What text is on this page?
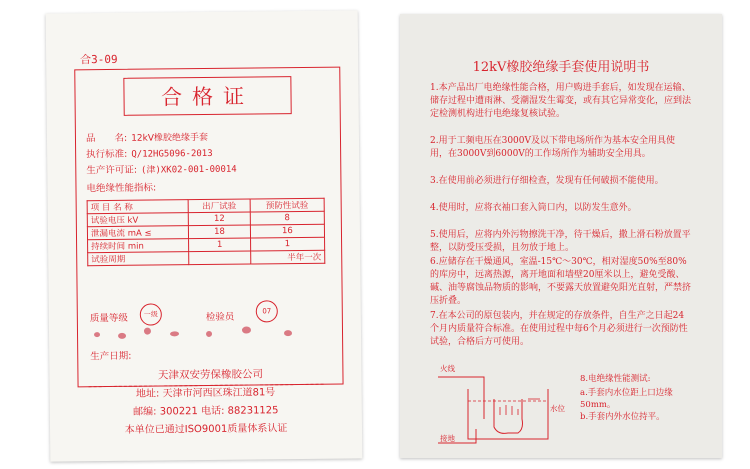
合3-09
合格证
品　　名: 12kV橡胶绝缘手套
执行标准: Q/12HG5096-2013
生产许可证: (津)XK02-001-00014
电绝缘性能指标:
项 目 名 称	出厂试验	预防性试验
试验电压 kV	12	8
泄漏电流 mA ≤	18	16
持续时间 min	1	1
试验周期		半年一次
质量等级	一级	检验员
07
生产日期:
天津双安劳保橡胶公司
地址: 天津市河西区珠江道81号
邮编: 300221 电话: 88231125
本单位已通过ISO9001质量体系认证
12kV橡胶绝缘手套使用说明书
1.本产品出厂电绝缘性能合格，用户购进手套后，如发现在运输、储存过程中遭雨淋、受潮湿发生霉变，或有其它异常变化，应到法定检测机构进行电绝缘复核试验。
2.用于工频电压在3000V及以下带电场所作为基本安全用具使用，在3000V到6000V的工作场所作为辅助安全用具。
3.在使用前必须进行仔细检查，发现有任何破损不能使用。
4.使用时，应将衣袖口套入筒口内，以防发生意外。
5.使用后，应将内外污物擦洗干净，待干燥后，撒上滑石粉放置平整，以防受压受损，且勿放于地上。
6.应储存在干燥通风，室温-15℃～30℃，相对湿度50%至80%的库房中，远离热源，离开地面和墙壁20厘米以上，避免受酸、碱、油等腐蚀品物质的影响，不要露天放置避免阳光直射，严禁挤压折叠。
7.在本公司的原包装内，并在规定的存放条件，自生产之日起24个月内质量符合标准。在使用过程中每6个月必须进行一次预防性试验，合格后方可使用。
火线
接地
水位
8.电绝缘性能测试:
a.手套内水位距上口边缘50mm。
b.手套内外水位持平。
